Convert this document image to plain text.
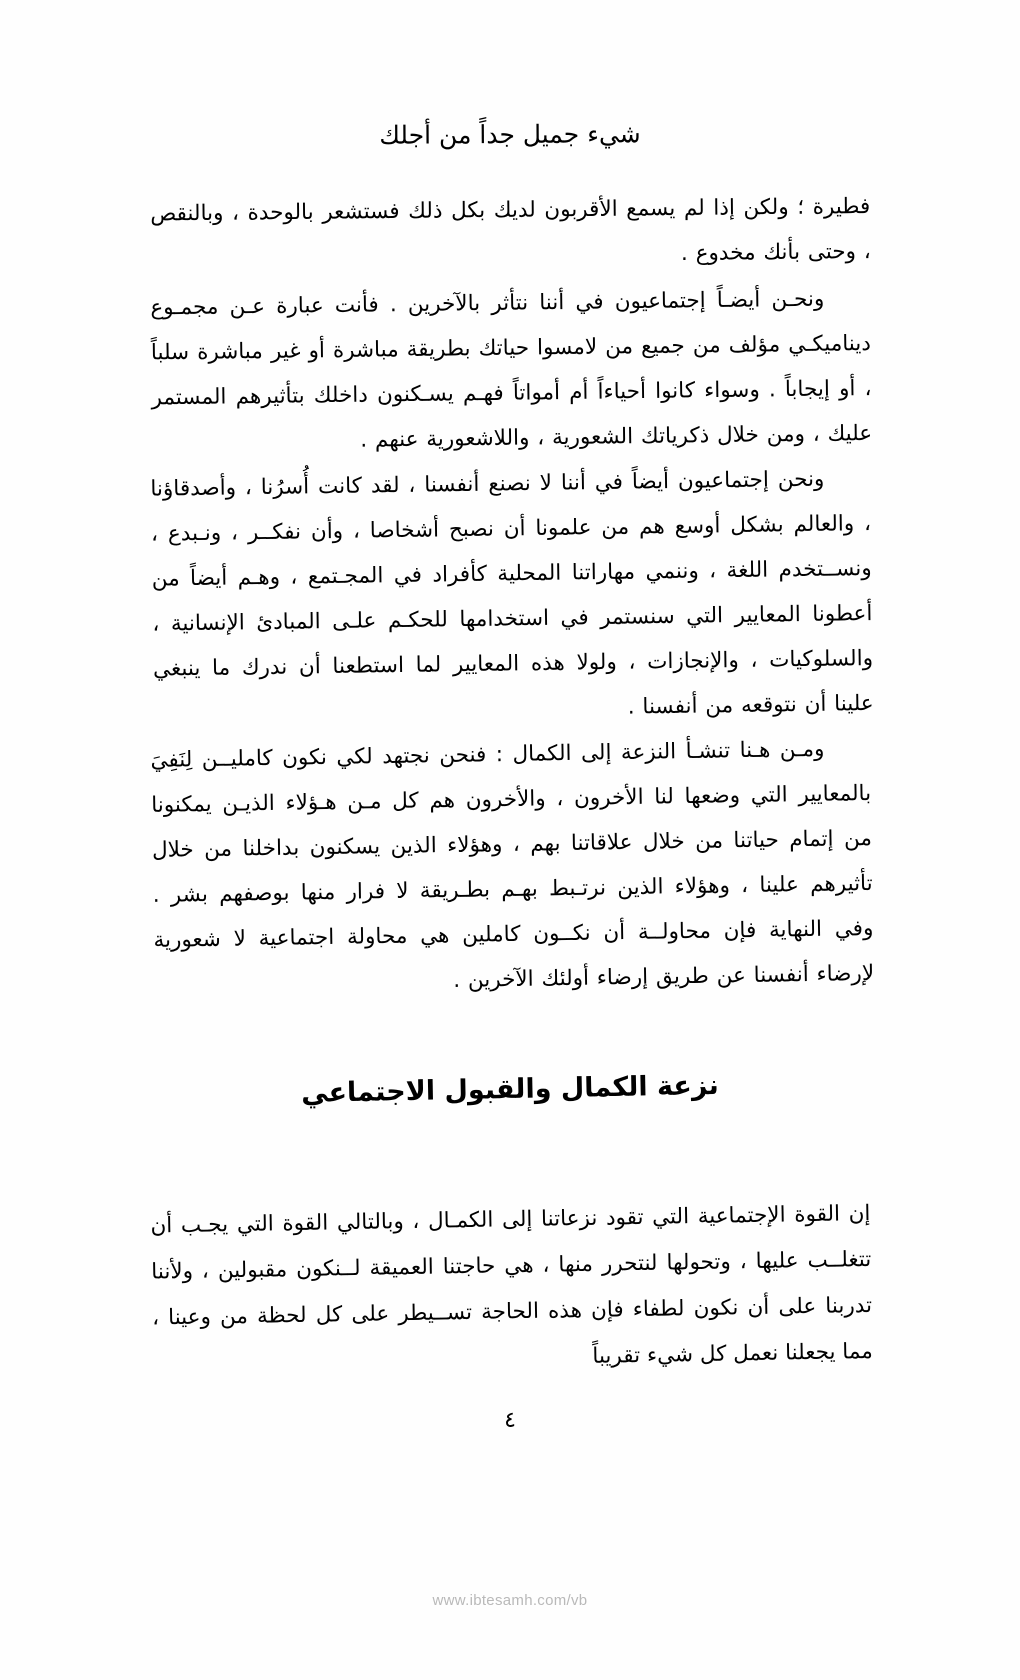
شيء جميل جداً من أجلك

فطيرة ؛ ولكن إذا لم يسمع الأقربون لديك بكل ذلك فستشعر بالوحدة ، وبالنقص ، وحتى بأنك مخدوع .

ونحـن أيضـاً إجتماعيون في أننا نتأثر بالآخرين . فأنت عبارة عـن مجمـوع ديناميكـي مؤلف من جميع من لامسوا حياتك بطريقة مباشرة أو غير مباشرة سلباً ، أو إيجاباً . وسواء كانوا أحياءاً أم أمواتاً فهـم يسـكنون داخلك بتأثيرهم المستمر عليك ، ومن خلال ذكرياتك الشعورية ، واللاشعورية عنهم .

ونحن إجتماعيون أيضاً في أننا لا نصنع أنفسنا ، لقد كانت أُسرُنا ، وأصدقاؤنا ، والعالم بشكل أوسع هم من علمونا أن نصبح أشخاصا ، وأن نفكــر ، ونـبدع ، ونســتخدم اللغة ، وننمي مهاراتنا المحلية كأفراد في المجـتمع ، وهـم أيضاً من أعطونا المعايير التي سنستمر في استخدامها للحكـم علـى المبادئ الإنسانية ، والسلوكيات ، والإنجازات ، ولولا هذه المعايير لما استطعنا أن ندرك ما ينبغي علينا أن نتوقعه من أنفسنا .

ومـن هـنا تنشـأ النزعة إلى الكمال : فنحن نجتهد لكي نكون كامليــن لِنَفِيَ بالمعايير التي وضعها لنا الأخرون ، والأخرون هم كل مـن هـؤلاء الذيـن يمكنونا من إتمام حياتنا من خلال علاقاتنا بهم ، وهؤلاء الذين يسكنون بداخلنا من خلال تأثيرهم علينا ، وهؤلاء الذين نرتـبط بهـم بطـريقة لا فرار منها بوصفهم بشر . وفي النهاية فإن محاولــة أن نكــون كاملين هي محاولة اجتماعية لا شعورية لإرضاء أنفسنا عن طريق إرضاء أولئك الآخرين .

نزعة الكمال والقبول الاجتماعي

إن القوة الإجتماعية التي تقود نزعاتنا إلى الكمـال ، وبالتالي القوة التي يجـب أن تتغلــب عليها ، وتحولها لنتحرر منها ، هي حاجتنا العميقة لــنكون مقبولين ، ولأننا تدربنا على أن نكون لطفاء فإن هذه الحاجة تســيطر على كل لحظة من وعينا ، مما يجعلنا نعمل كل شيء تقريباً

٤
www.ibtesamh.com/vb
